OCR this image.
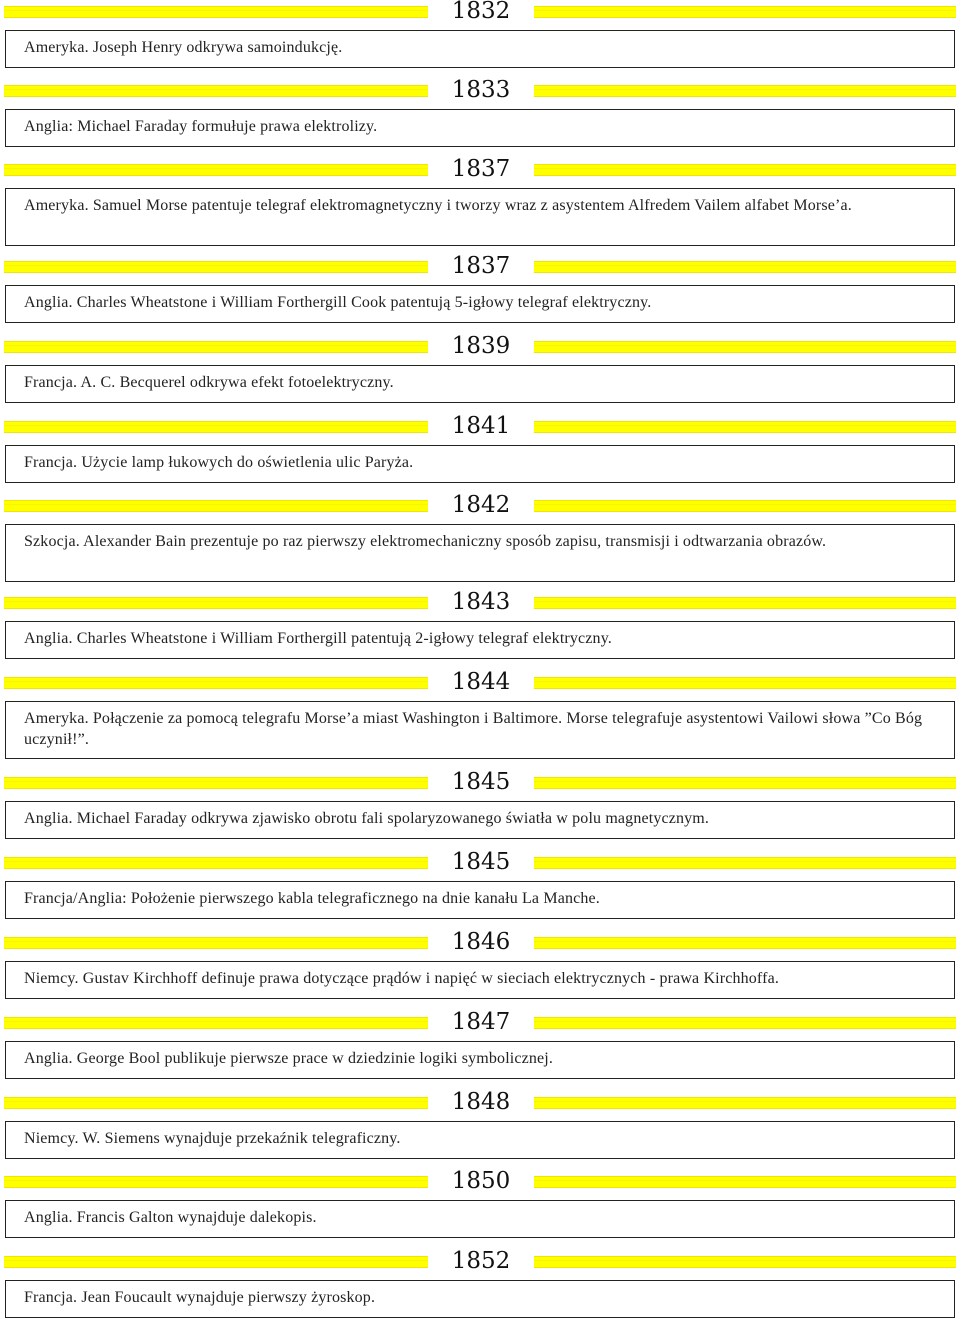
1832
Ameryka. Joseph Henry odkrywa samoindukcję.
1833
Anglia: Michael Faraday formułuje prawa elektrolizy.
1837
Ameryka. Samuel Morse patentuje telegraf elektromagnetyczny i tworzy wraz z asystentem Alfredem Vailem alfabet Morse’a.
1837
Anglia. Charles Wheatstone i William Forthergill Cook patentują 5-igłowy telegraf elektryczny.
1839
Francja. A. C. Becquerel odkrywa efekt fotoelektryczny.
1841
Francja. Użycie lamp łukowych do oświetlenia ulic Paryża.
1842
Szkocja. Alexander Bain prezentuje po raz pierwszy elektromechaniczny sposób zapisu, transmisji i odtwarzania obrazów.
1843
Anglia. Charles Wheatstone i William Forthergill patentują 2-igłowy telegraf elektryczny.
1844
Ameryka. Połączenie za pomocą telegrafu Morse’a miast Washington i Baltimore. Morse telegrafuje asystentowi Vailowi słowa ”Co Bóg uczynił!”.
1845
Anglia. Michael Faraday odkrywa zjawisko obrotu fali spolaryzowanego światła w polu magnetycznym.
1845
Francja/Anglia: Położenie pierwszego kabla telegraficznego na dnie kanału La Manche.
1846
Niemcy. Gustav Kirchhoff definuje prawa dotyczące prądów i napięć w sieciach elektrycznych - prawa Kirchhoffa.
1847
Anglia. George Bool publikuje pierwsze prace w dziedzinie logiki symbolicznej.
1848
Niemcy. W. Siemens wynajduje przekaźnik telegraficzny.
1850
Anglia. Francis Galton wynajduje dalekopis.
1852
Francja. Jean Foucault wynajduje pierwszy żyroskop.
